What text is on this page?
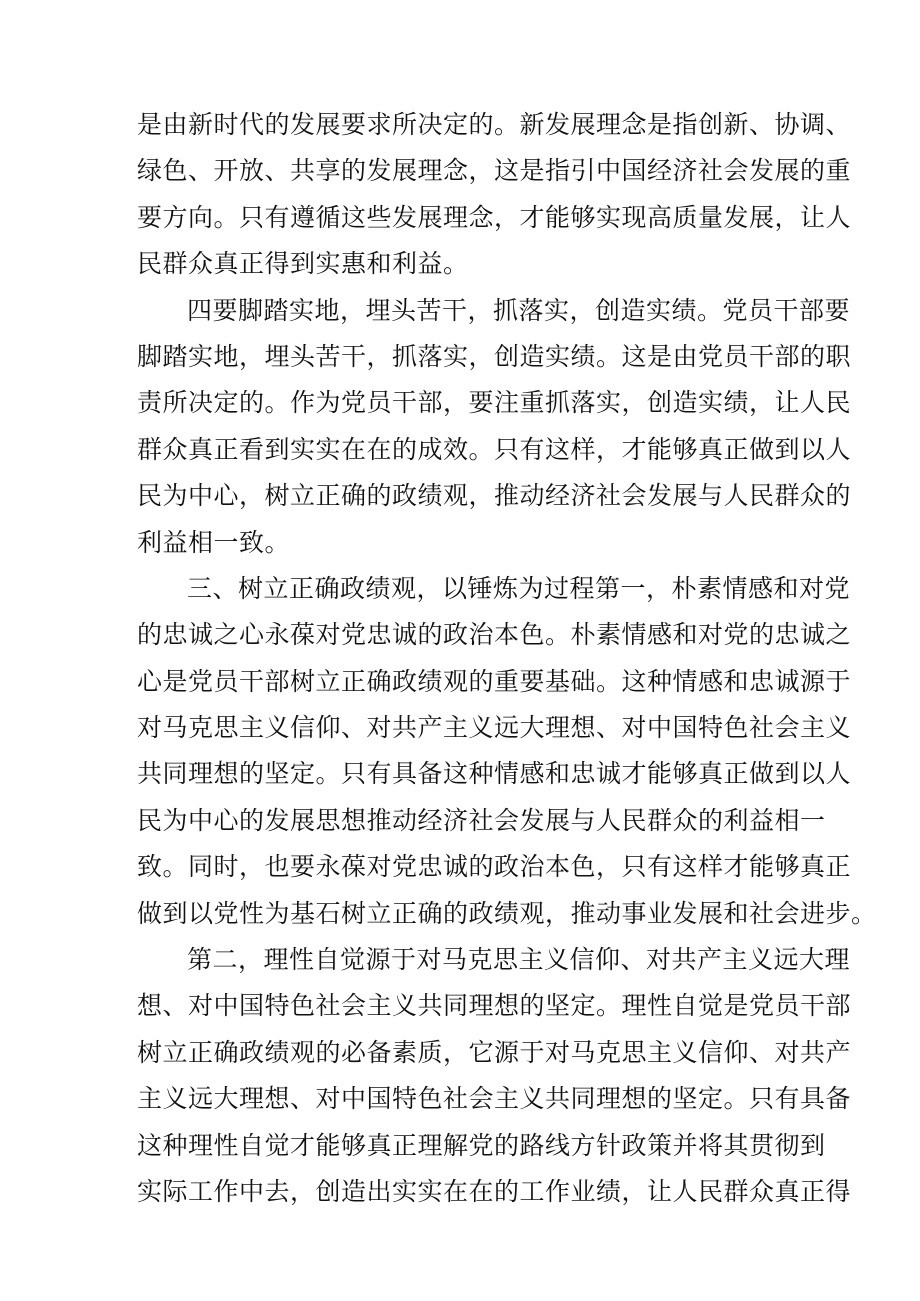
是由新时代的发展要求所决定的。新发展理念是指创新、协调、
绿色、开放、共享的发展理念，这是指引中国经济社会发展的重
要方向。只有遵循这些发展理念，才能够实现高质量发展，让人
民群众真正得到实惠和利益。
四要脚踏实地，埋头苦干，抓落实，创造实绩。党员干部要
脚踏实地，埋头苦干，抓落实，创造实绩。这是由党员干部的职
责所决定的。作为党员干部，要注重抓落实，创造实绩，让人民
群众真正看到实实在在的成效。只有这样，才能够真正做到以人
民为中心，树立正确的政绩观，推动经济社会发展与人民群众的
利益相一致。
三、树立正确政绩观，以锤炼为过程第一，朴素情感和对党
的忠诚之心永葆对党忠诚的政治本色。朴素情感和对党的忠诚之
心是党员干部树立正确政绩观的重要基础。这种情感和忠诚源于
对马克思主义信仰、对共产主义远大理想、对中国特色社会主义
共同理想的坚定。只有具备这种情感和忠诚才能够真正做到以人
民为中心的发展思想推动经济社会发展与人民群众的利益相一
致。同时，也要永葆对党忠诚的政治本色，只有这样才能够真正
做到以党性为基石树立正确的政绩观，推动事业发展和社会进步。
第二，理性自觉源于对马克思主义信仰、对共产主义远大理
想、对中国特色社会主义共同理想的坚定。理性自觉是党员干部
树立正确政绩观的必备素质，它源于对马克思主义信仰、对共产
主义远大理想、对中国特色社会主义共同理想的坚定。只有具备
这种理性自觉才能够真正理解党的路线方针政策并将其贯彻到
实际工作中去，创造出实实在在的工作业绩，让人民群众真正得
